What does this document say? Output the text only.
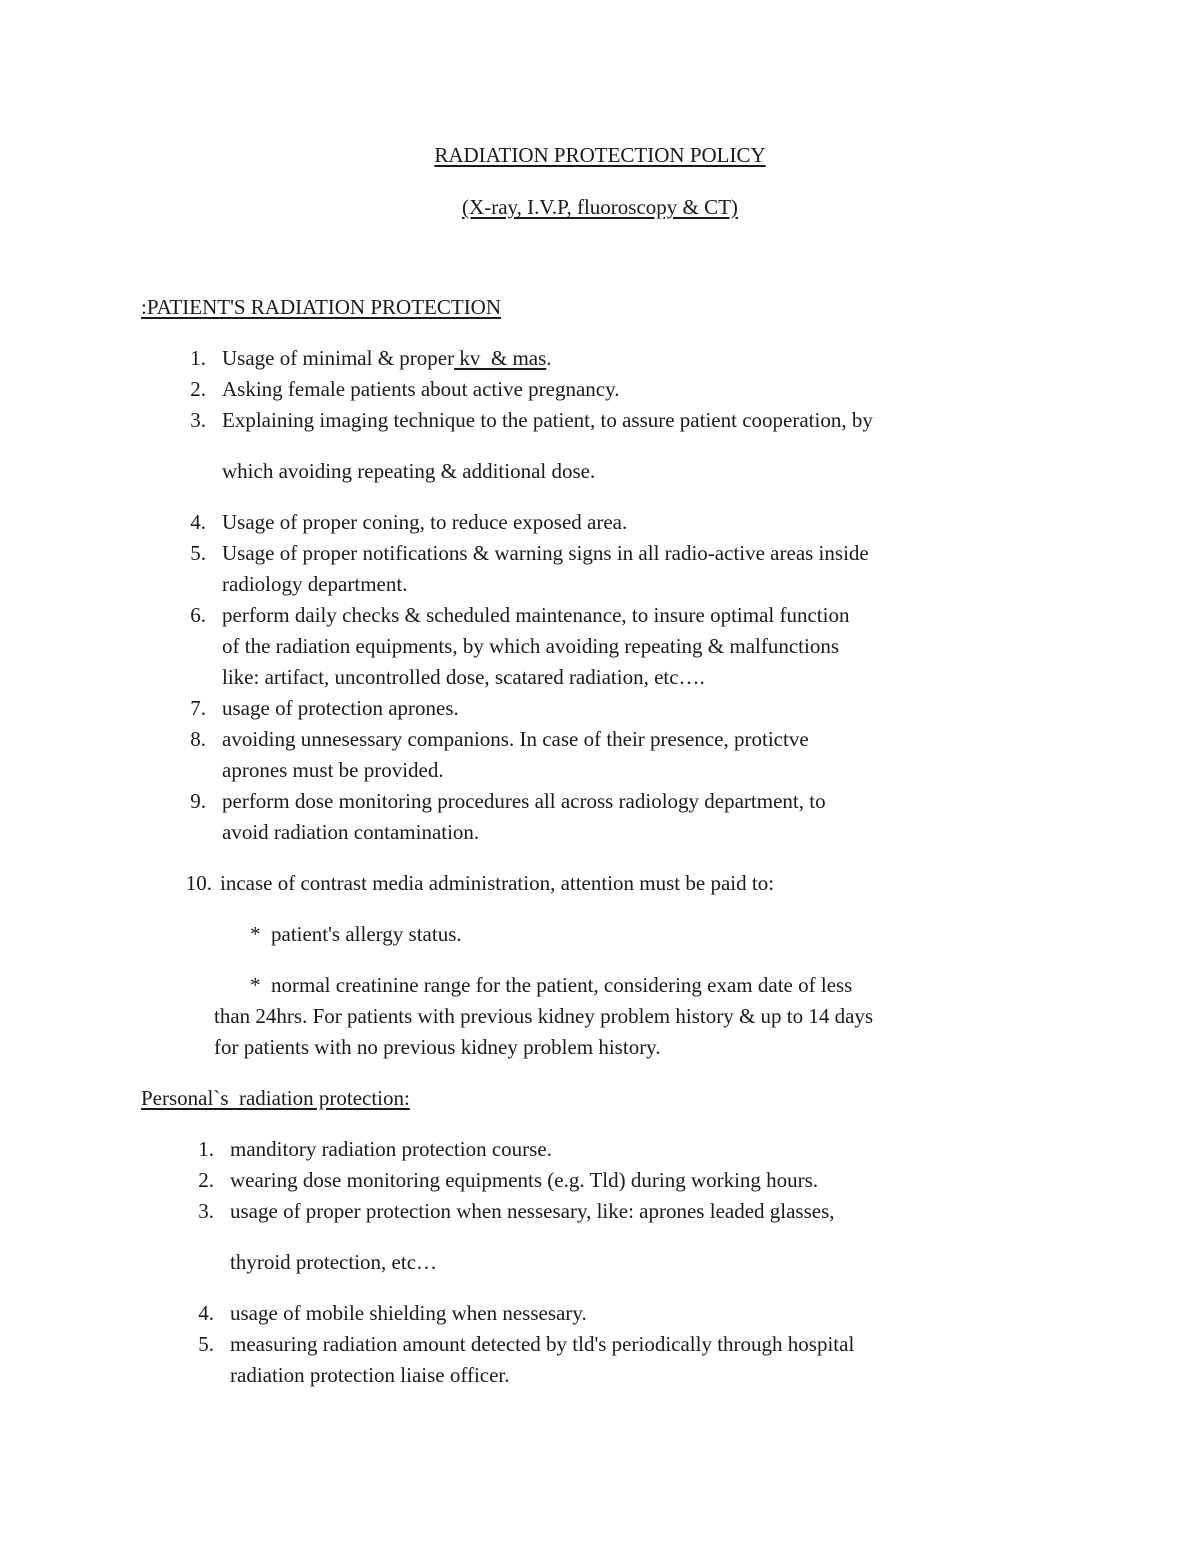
RADIATION PROTECTION POLICY
(X-ray, I.V.P, fluoroscopy & CT)
:PATIENT'S RADIATION PROTECTION
1. Usage of minimal & proper kv  & mas.
2. Asking female patients about active pregnancy.
3. Explaining imaging technique to the patient, to assure patient cooperation, by
which avoiding repeating & additional dose.
4. Usage of proper coning, to reduce exposed area.
5. Usage of proper notifications & warning signs in all radio-active areas inside
radiology department.
6. perform daily checks & scheduled maintenance, to insure optimal function
of the radiation equipments, by which avoiding repeating & malfunctions
like: artifact, uncontrolled dose, scatared radiation, etc….
7. usage of protection aprones.
8. avoiding unnesessary companions. In case of their presence, protictve
aprones must be provided.
9. perform dose monitoring procedures all across radiology department, to
avoid radiation contamination.
10. incase of contrast media administration, attention must be paid to:
*  patient's allergy status.
*  normal creatinine range for the patient, considering exam date of less
than 24hrs. For patients with previous kidney problem history & up to 14 days
for patients with no previous kidney problem history.
Personal`s  radiation protection:
1. manditory radiation protection course.
2. wearing dose monitoring equipments (e.g. Tld) during working hours.
3. usage of proper protection when nessesary, like: aprones leaded glasses,
thyroid protection, etc…
4. usage of mobile shielding when nessesary.
5. measuring radiation amount detected by tld's periodically through hospital
radiation protection liaise officer.
